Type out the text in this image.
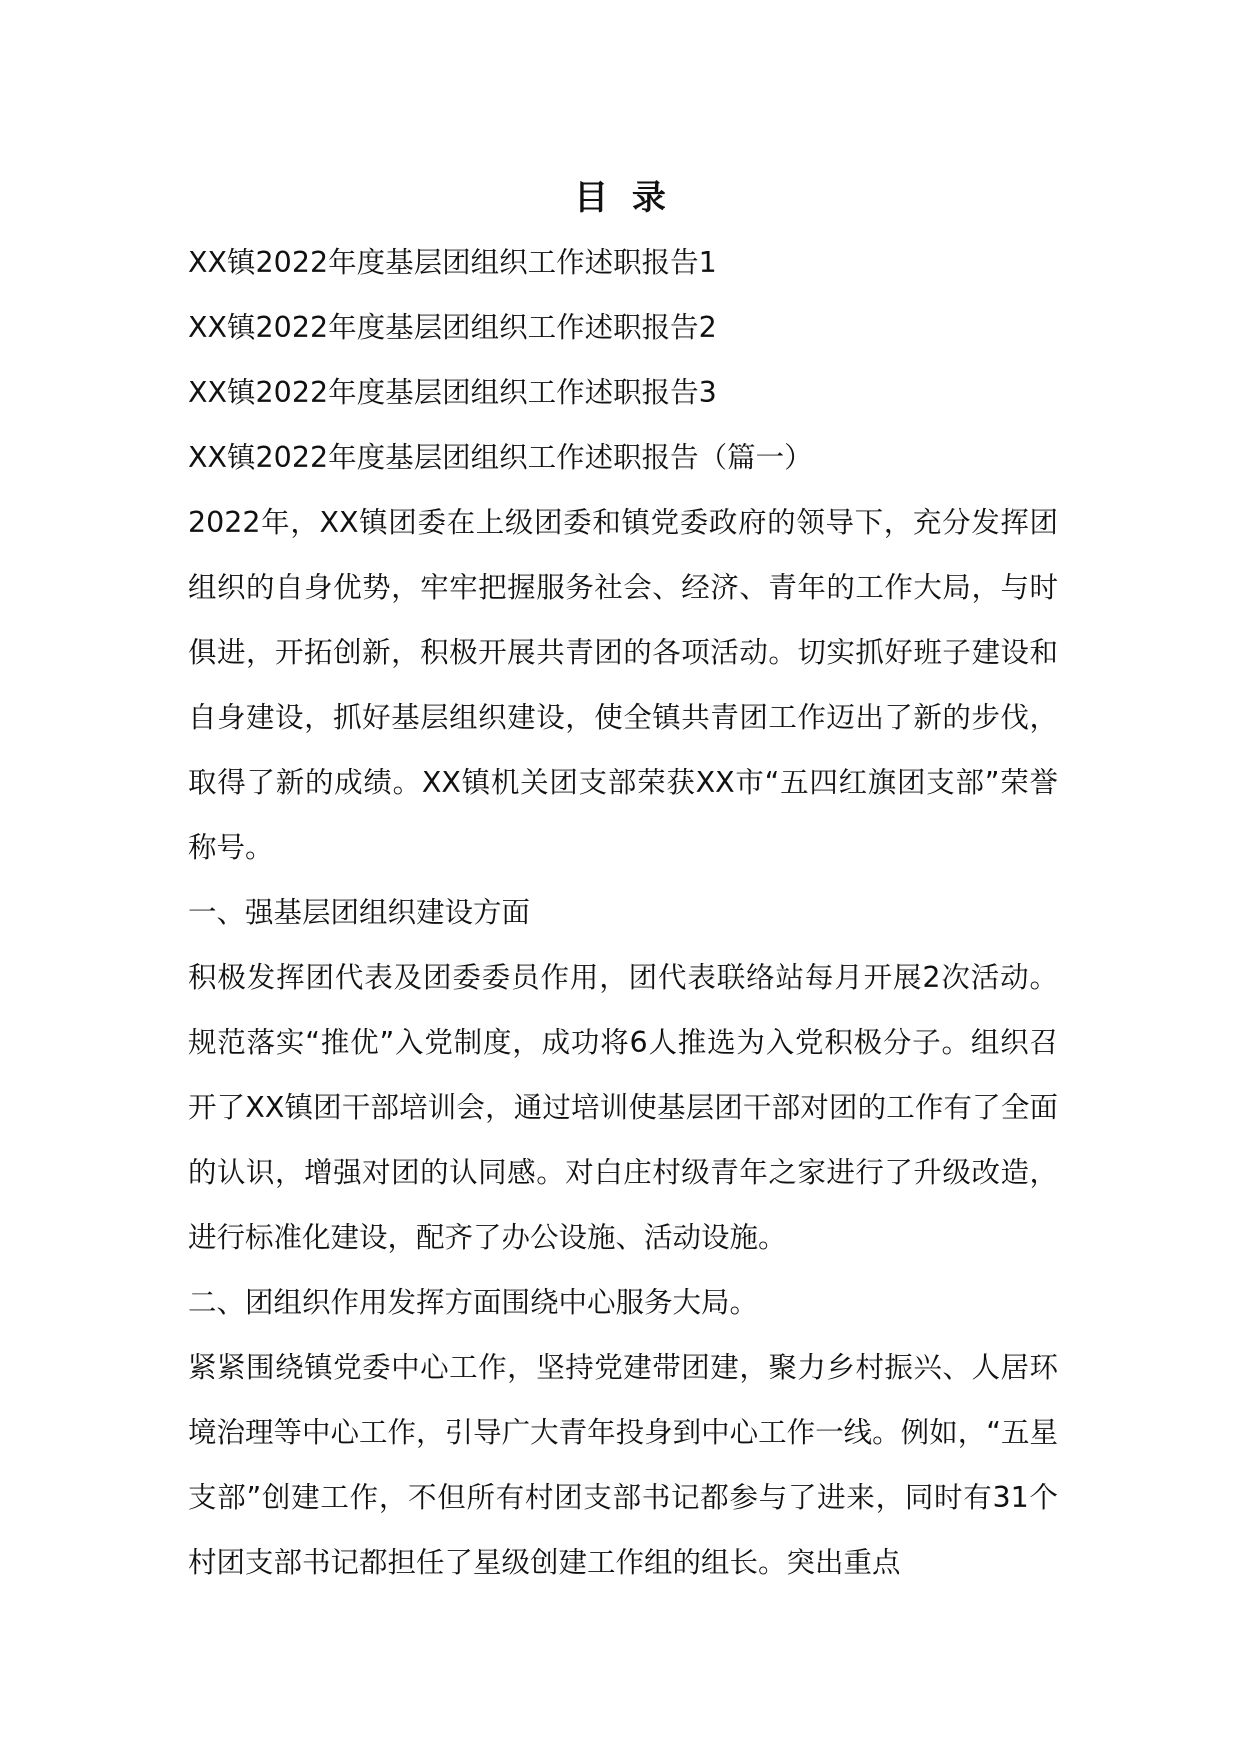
目 录

XX镇2022年度基层团组织工作述职报告1

XX镇2022年度基层团组织工作述职报告2

XX镇2022年度基层团组织工作述职报告3

XX镇2022年度基层团组织工作述职报告（篇一）

2022年，XX镇团委在上级团委和镇党委政府的领导下，充分发挥团组织的自身优势，牢牢把握服务社会、经济、青年的工作大局，与时俱进，开拓创新，积极开展共青团的各项活动。切实抓好班子建设和自身建设，抓好基层组织建设，使全镇共青团工作迈出了新的步伐，取得了新的成绩。XX镇机关团支部荣获XX市“五四红旗团支部”荣誉称号。

一、强基层团组织建设方面

积极发挥团代表及团委委员作用，团代表联络站每月开展2次活动。规范落实“推优”入党制度，成功将6人推选为入党积极分子。组织召开了XX镇团干部培训会，通过培训使基层团干部对团的工作有了全面的认识，增强对团的认同感。对白庄村级青年之家进行了升级改造，进行标准化建设，配齐了办公设施、活动设施。

二、团组织作用发挥方面围绕中心服务大局。

紧紧围绕镇党委中心工作，坚持党建带团建，聚力乡村振兴、人居环境治理等中心工作，引导广大青年投身到中心工作一线。例如，“五星支部”创建工作，不但所有村团支部书记都参与了进来，同时有31个村团支部书记都担任了星级创建工作组的组长。突出重点
